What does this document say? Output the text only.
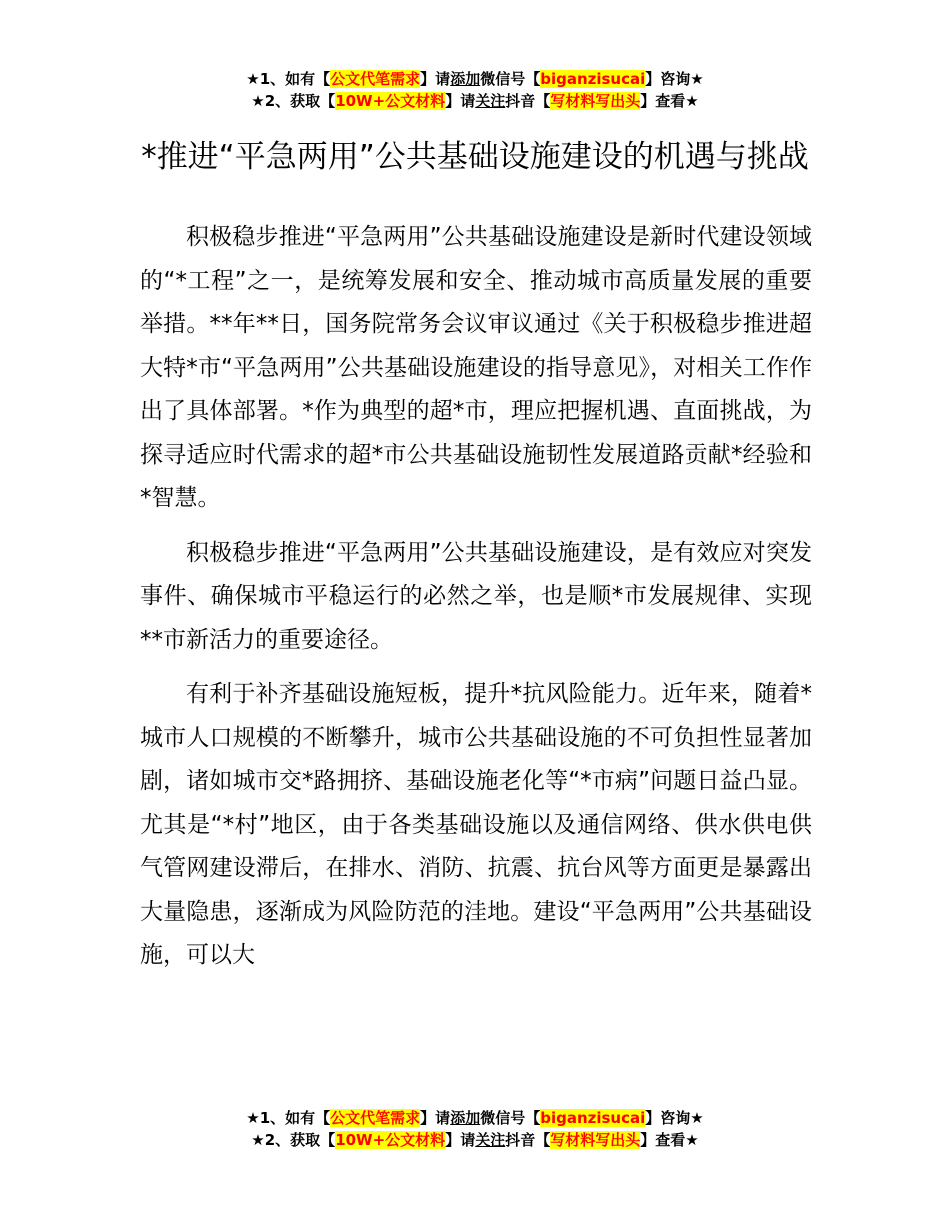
★1、如有【公文代笔需求】请添加微信号【biganzisucai】咨询★
★2、获取【10W+公文材料】请关注抖音【写材料写出头】查看★
*推进“平急两用”公共基础设施建设的机遇与挑战

积极稳步推进“平急两用”公共基础设施建设是新时代建设领域的“*工程”之一，是统筹发展和安全、推动城市高质量发展的重要举措。**年**日，国务院常务会议审议通过《关于积极稳步推进超大特*市“平急两用”公共基础设施建设的指导意见》，对相关工作作出了具体部署。*作为典型的超*市，理应把握机遇、直面挑战，为探寻适应时代需求的超*市公共基础设施韧性发展道路贡献*经验和*智慧。

积极稳步推进“平急两用”公共基础设施建设，是有效应对突发事件、确保城市平稳运行的必然之举，也是顺*市发展规律、实现**市新活力的重要途径。

有利于补齐基础设施短板，提升*抗风险能力。近年来，随着*城市人口规模的不断攀升，城市公共基础设施的不可负担性显著加剧，诸如城市交*路拥挤、基础设施老化等“*市病”问题日益凸显。尤其是“*村”地区，由于各类基础设施以及通信网络、供水供电供气管网建设滞后，在排水、消防、抗震、抗台风等方面更是暴露出大量隐患，逐渐成为风险防范的洼地。建设“平急两用”公共基础设施，可以大

★1、如有【公文代笔需求】请添加微信号【biganzisucai】咨询★
★2、获取【10W+公文材料】请关注抖音【写材料写出头】查看★
